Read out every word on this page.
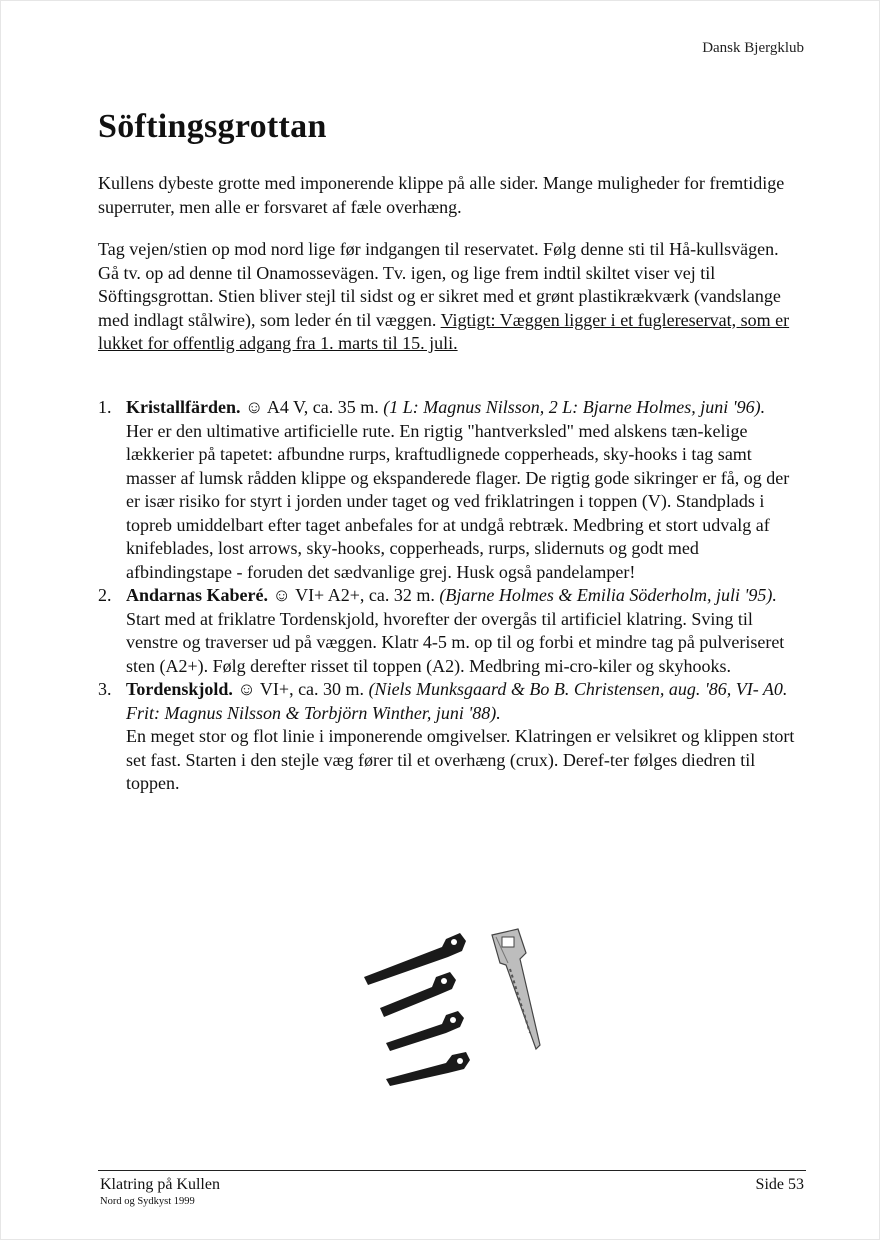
Dansk Bjergklub
Söftingsgrottan

Kullens dybeste grotte med imponerende klippe på alle sider. Mange muligheder for fremtidige superruter, men alle er forsvaret af fæle overhæng.

Tag vejen/stien op mod nord lige før indgangen til reservatet. Følg denne sti til Hå-kullsvägen. Gå tv. op ad denne til Onamossevägen. Tv. igen, og lige frem indtil skiltet viser vej til Söftingsgrottan. Stien bliver stejl til sidst og er sikret med et grønt plastikrækværk (vandslange med indlagt stålwire), som leder én til væggen. Vigtigt: Væggen ligger i et fuglereservat, som er lukket for offentlig adgang fra 1. marts til 15. juli.

1. Kristallfärden. ☺ A4 V, ca. 35 m. (1 L: Magnus Nilsson, 2 L: Bjarne Holmes, juni '96).
Her er den ultimative artificielle rute. En rigtig "hantverksled" med alskens tæn-kelige lækkerier på tapetet: afbundne rurps, kraftudlignede copperheads, sky-hooks i tag samt masser af lumsk rådden klippe og ekspanderede flager. De rigtig gode sikringer er få, og der er især risiko for styrt i jorden under taget og ved friklatringen i toppen (V). Standplads i topreb umiddelbart efter taget anbefales for at undgå rebtræk. Medbring et stort udvalg af knifeblades, lost arrows, sky-hooks, copperheads, rurps, slidernuts og godt med afbindingstape - foruden det sædvanlige grej. Husk også pandelamper!
2. Andarnas Kaberé. ☺ VI+ A2+, ca. 32 m. (Bjarne Holmes & Emilia Söderholm, juli '95).
Start med at friklatre Tordenskjold, hvorefter der overgås til artificiel klatring. Sving til venstre og traverser ud på væggen. Klatr 4-5 m. op til og forbi et mindre tag på pulveriseret sten (A2+). Følg derefter risset til toppen (A2). Medbring mi-cro-kiler og skyhooks.
3. Tordenskjold. ☺ VI+, ca. 30 m. (Niels Munksgaard & Bo B. Christensen, aug. '86, VI- A0. Frit: Magnus Nilsson & Torbjörn Winther, juni '88).
En meget stor og flot linie i imponerende omgivelser. Klatringen er velsikret og klippen stort set fast. Starten i den stejle væg fører til et overhæng (crux). Deref-ter følges diedren til toppen.
Klatring på Kullen
Nord og Sydkyst 1999
Side 53
